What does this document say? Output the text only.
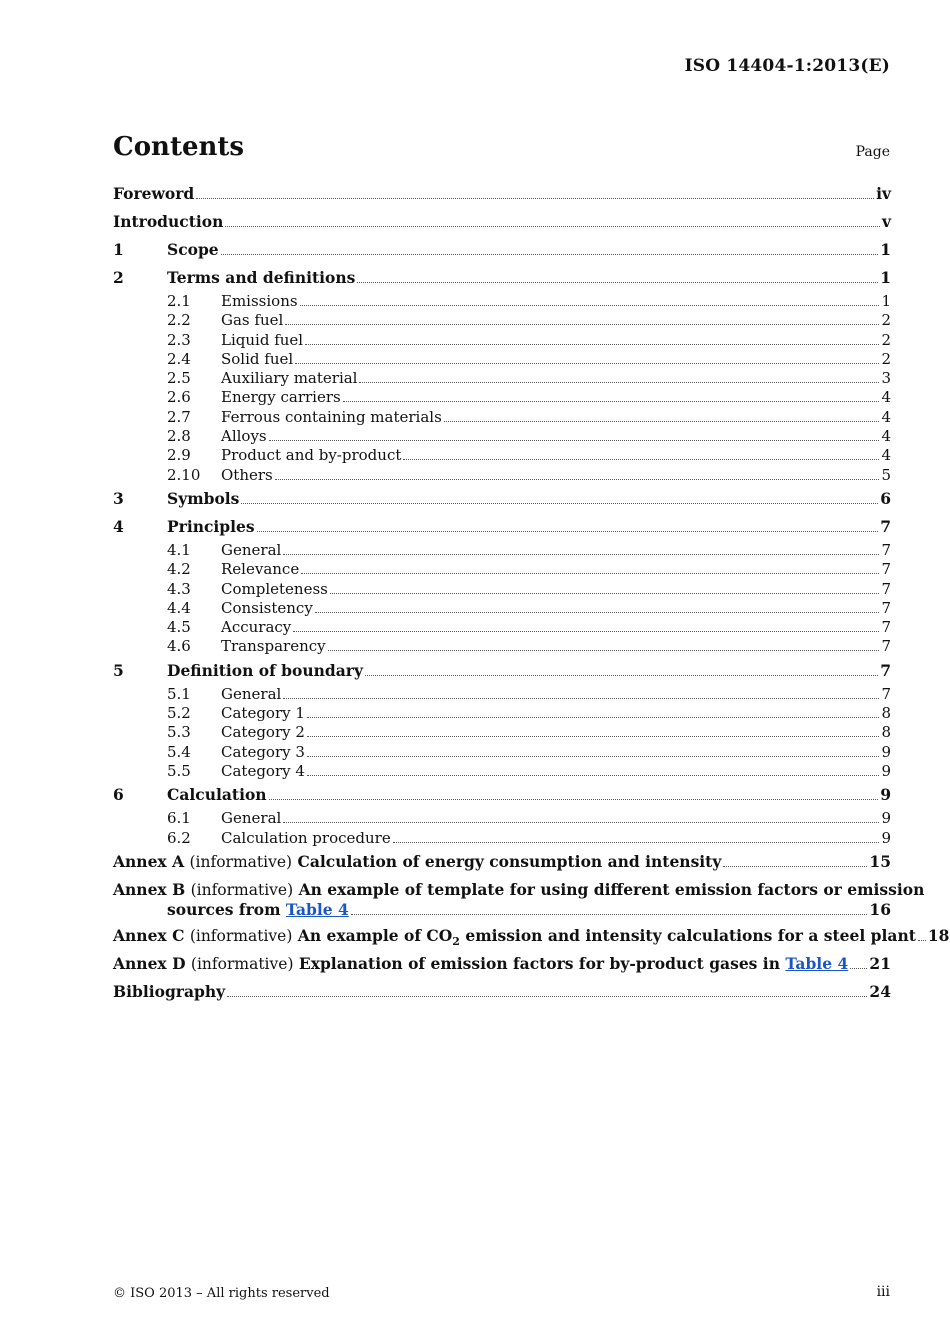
ISO 14404-1:2013(E)
Contents	Page
Foreword	iv
Introduction	v
1	Scope	1
2	Terms and definitions	1
2.1	Emissions	1
2.2	Gas fuel	2
2.3	Liquid fuel	2
2.4	Solid fuel	2
2.5	Auxiliary material	3
2.6	Energy carriers	4
2.7	Ferrous containing materials	4
2.8	Alloys	4
2.9	Product and by-product	4
2.10	Others	5
3	Symbols	6
4	Principles	7
4.1	General	7
4.2	Relevance	7
4.3	Completeness	7
4.4	Consistency	7
4.5	Accuracy	7
4.6	Transparency	7
5	Definition of boundary	7
5.1	General	7
5.2	Category 1	8
5.3	Category 2	8
5.4	Category 3	9
5.5	Category 4	9
6	Calculation	9
6.1	General	9
6.2	Calculation procedure	9
Annex A (informative) Calculation of energy consumption and intensity	15
Annex B (informative) An example of template for using different emission factors or emission
sources from Table 4	16
Annex C (informative) An example of $CO_2$ emission and intensity calculations for a steel plant 18
Annex D (informative) Explanation of emission factors for by-product gases in Table 4 21
Bibliography	24
© ISO 2013 – All rights reserved	iii
